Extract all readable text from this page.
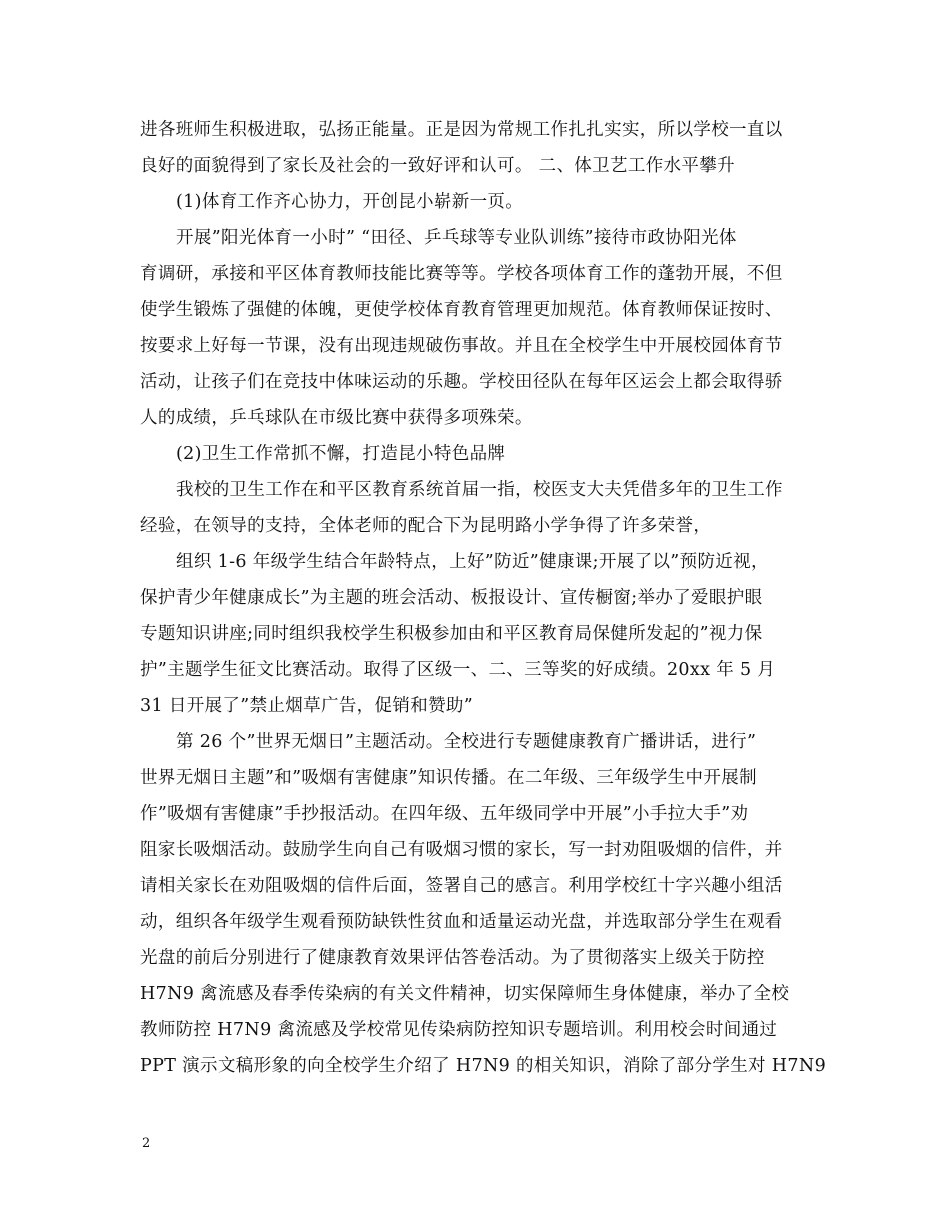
进各班师生积极进取，弘扬正能量。正是因为常规工作扎扎实实，所以学校一直以
良好的面貌得到了家长及社会的一致好评和认可。 二、体卫艺工作水平攀升
(1)体育工作齐心协力，开创昆小崭新一页。
开展”阳光体育一小时” “田径、乒乓球等专业队训练”接待市政协阳光体
育调研，承接和平区体育教师技能比赛等等。学校各项体育工作的蓬勃开展，不但
使学生锻炼了强健的体魄，更使学校体育教育管理更加规范。体育教师保证按时、
按要求上好每一节课，没有出现违规破伤事故。并且在全校学生中开展校园体育节
活动，让孩子们在竞技中体味运动的乐趣。学校田径队在每年区运会上都会取得骄
人的成绩，乒乓球队在市级比赛中获得多项殊荣。
(2)卫生工作常抓不懈，打造昆小特色品牌
我校的卫生工作在和平区教育系统首届一指，校医支大夫凭借多年的卫生工作
经验，在领导的支持，全体老师的配合下为昆明路小学争得了许多荣誉，
组织 1-6 年级学生结合年龄特点，上好”防近”健康课;开展了以”预防近视，
保护青少年健康成长”为主题的班会活动、板报设计、宣传橱窗;举办了爱眼护眼
专题知识讲座;同时组织我校学生积极参加由和平区教育局保健所发起的”视力保
护”主题学生征文比赛活动。取得了区级一、二、三等奖的好成绩。20xx 年 5 月
31 日开展了”禁止烟草广告，促销和赞助”
第 26 个”世界无烟日”主题活动。全校进行专题健康教育广播讲话，进行”
世界无烟日主题”和”吸烟有害健康”知识传播。在二年级、三年级学生中开展制
作”吸烟有害健康”手抄报活动。在四年级、五年级同学中开展”小手拉大手”劝
阻家长吸烟活动。鼓励学生向自己有吸烟习惯的家长，写一封劝阻吸烟的信件，并
请相关家长在劝阻吸烟的信件后面，签署自己的感言。利用学校红十字兴趣小组活
动，组织各年级学生观看预防缺铁性贫血和适量运动光盘，并选取部分学生在观看
光盘的前后分别进行了健康教育效果评估答卷活动。为了贯彻落实上级关于防控
H7N9 禽流感及春季传染病的有关文件精神，切实保障师生身体健康，举办了全校
教师防控 H7N9 禽流感及学校常见传染病防控知识专题培训。利用校会时间通过
PPT 演示文稿形象的向全校学生介绍了 H7N9 的相关知识，消除了部分学生对 H7N9
2
